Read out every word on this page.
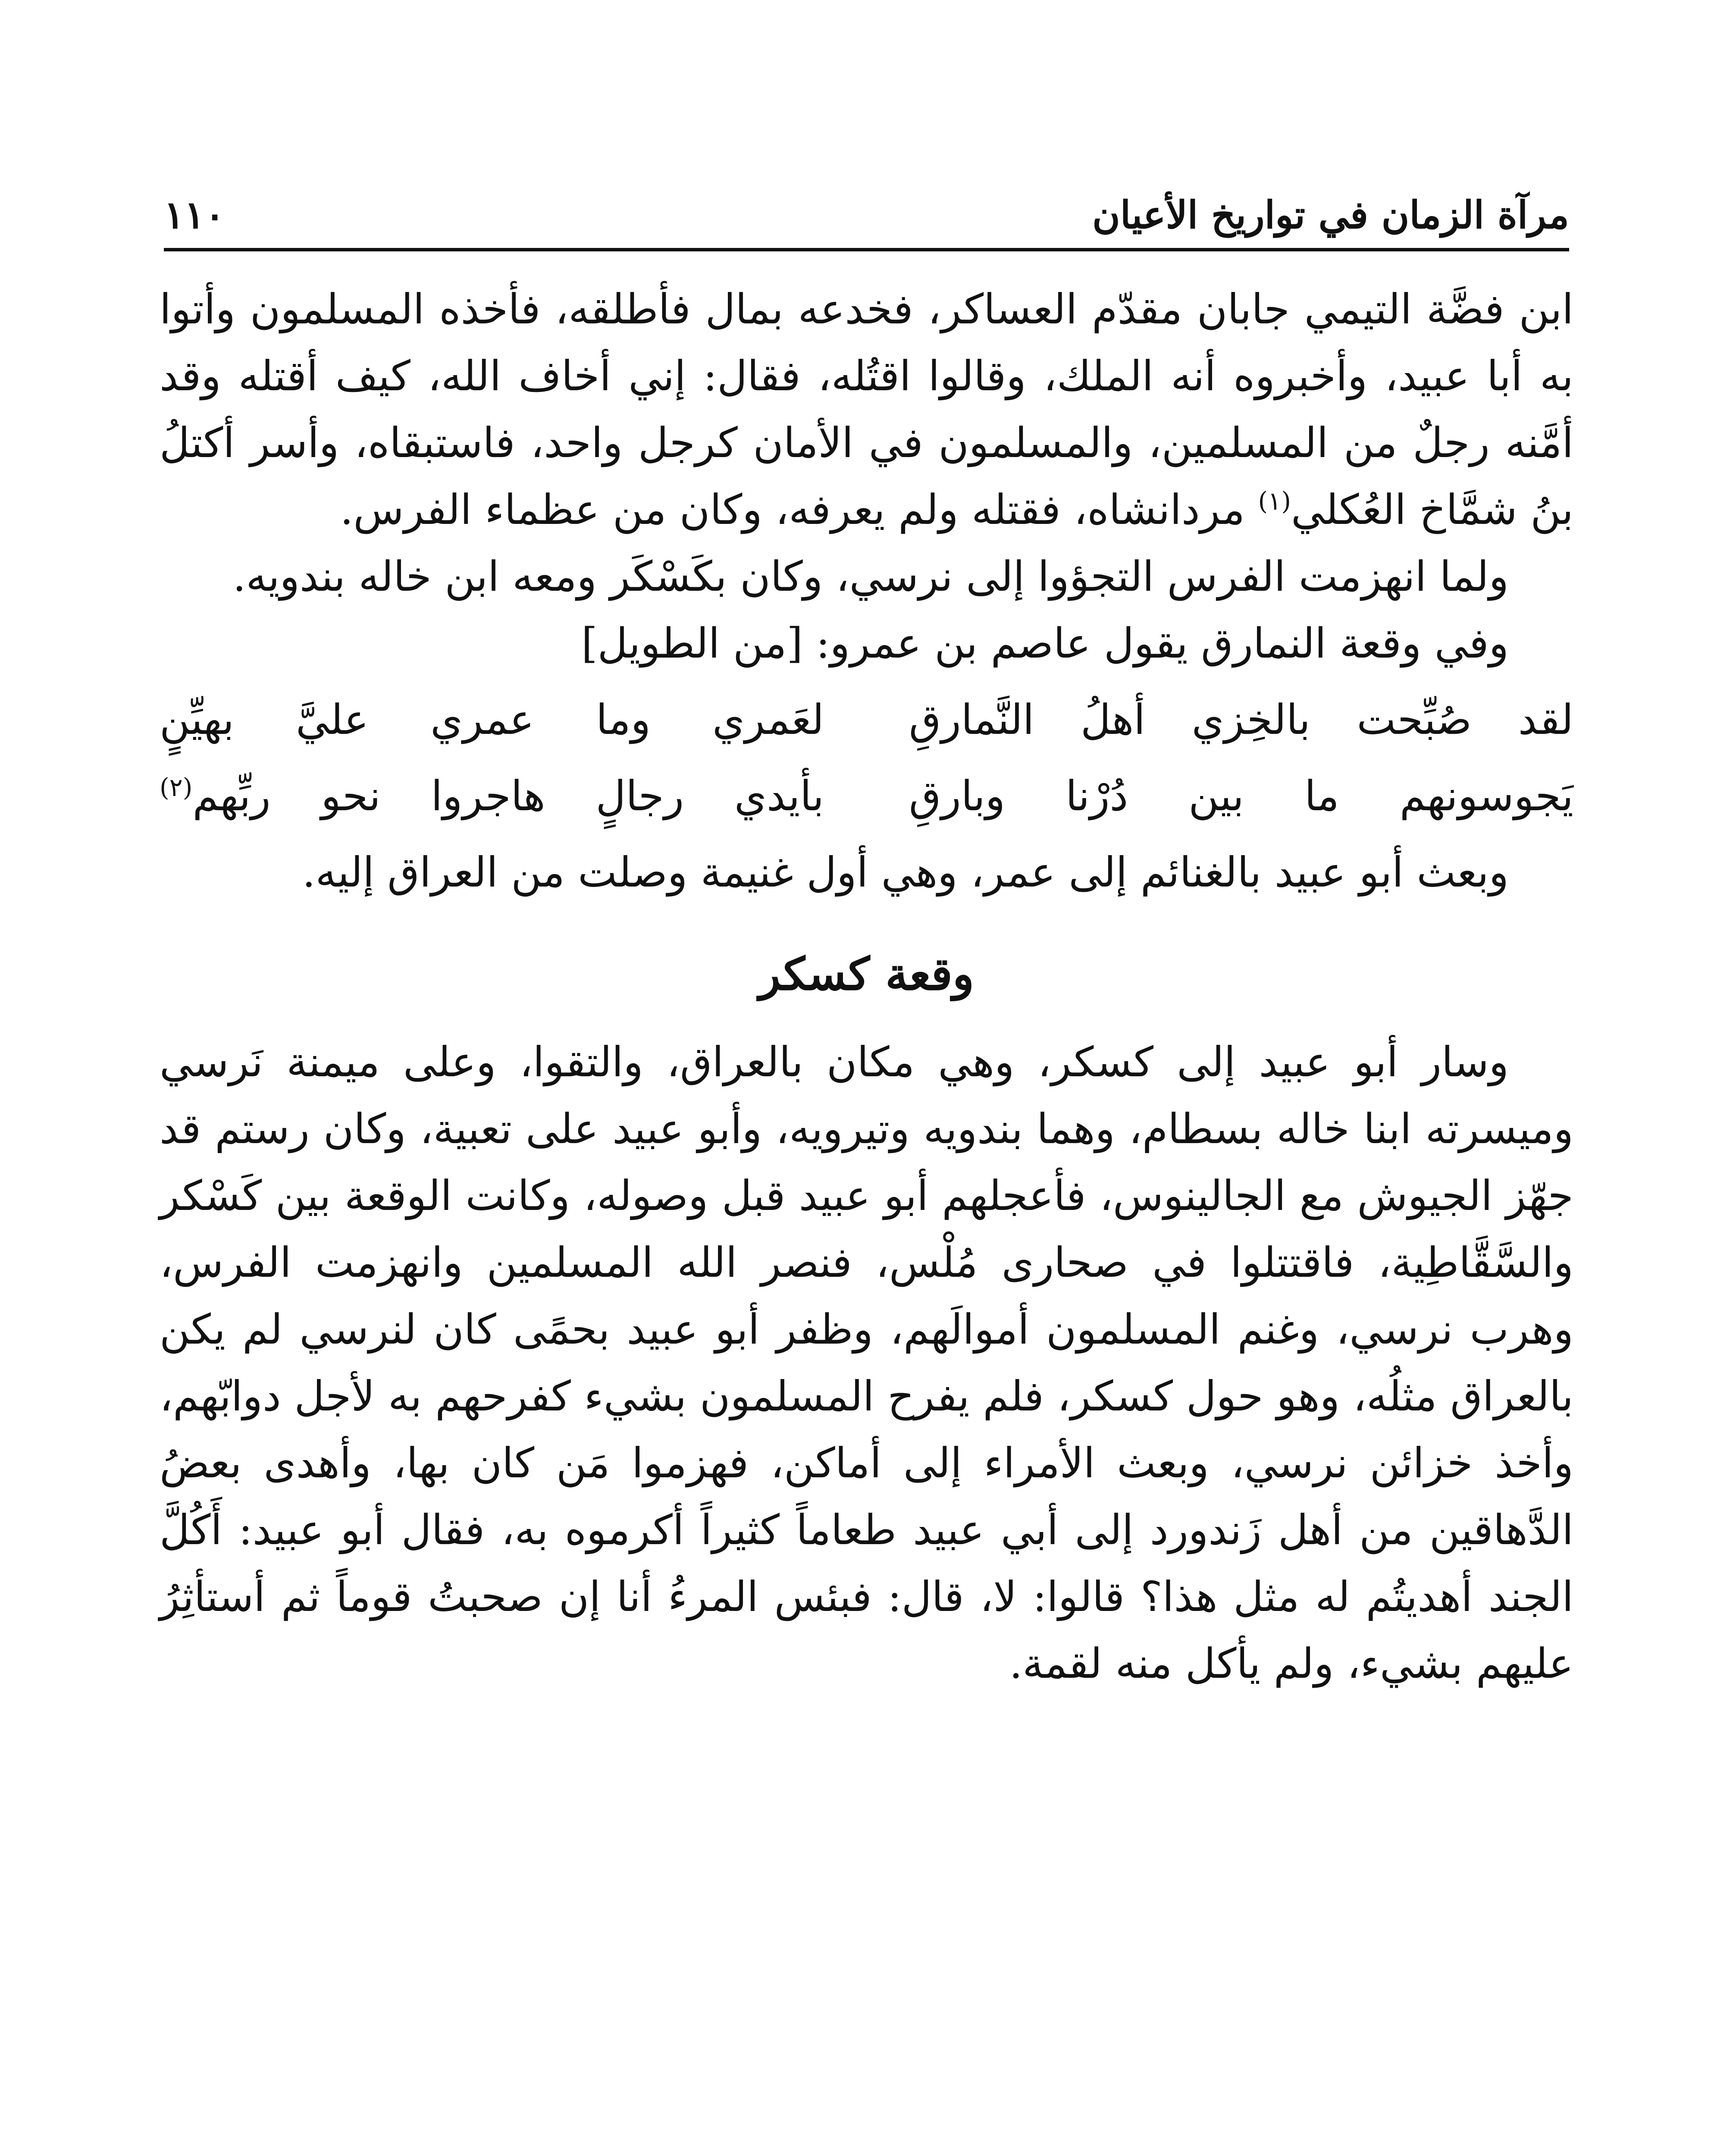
مرآة الزمان في تواريخ الأعيان
١١٠

ابن فضَّة التيمي جابان مقدّم العساكر، فخدعه بمال فأطلقه، فأخذه المسلمون وأتوا به أبا عبيد، وأخبروه أنه الملك، وقالوا اقتُله، فقال: إني أخاف الله، كيف أقتله وقد أمَّنه رجلٌ من المسلمين، والمسلمون في الأمان كرجل واحد، فاستبقاه، وأسر أكتلُ بنُ شمَّاخ العُكلي$^{(١)}$ مردانشاه، فقتله ولم يعرفه، وكان من عظماء الفرس.

ولما انهزمت الفرس التجؤوا إلى نرسي، وكان بكَسْكَر ومعه ابن خاله بندويه.

وفي وقعة النمارق يقول عاصم بن عمرو: [من الطويل]

لقد صُبِّحت بالخِزي أهلُ النَّمارقِ
لعَمري وما عمري عليَّ بهيِّنٍ
يَجوسونهم ما بين دُرْنا وبارقِ
بأيدي رجالٍ هاجروا نحو ربِّهم$^{(٢)}$

وبعث أبو عبيد بالغنائم إلى عمر، وهي أول غنيمة وصلت من العراق إليه.

وقعة كسكر

وسار أبو عبيد إلى كسكر، وهي مكان بالعراق، والتقوا، وعلى ميمنة نَرسي وميسرته ابنا خاله بسطام، وهما بندويه وتيرويه، وأبو عبيد على تعبية، وكان رستم قد جهّز الجيوش مع الجالينوس، فأعجلهم أبو عبيد قبل وصوله، وكانت الوقعة بين كَسْكر والسَّقَّاطِية، فاقتتلوا في صحارى مُلْس، فنصر الله المسلمين وانهزمت الفرس، وهرب نرسي، وغنم المسلمون أموالَهم، وظفر أبو عبيد بحمًى كان لنرسي لم يكن بالعراق مثلُه، وهو حول كسكر، فلم يفرح المسلمون بشيء كفرحهم به لأجل دوابّهم، وأخذ خزائن نرسي، وبعث الأمراء إلى أماكن، فهزموا مَن كان بها، وأهدى بعضُ الدَّهاقين من أهل زَندورد إلى أبي عبيد طعاماً كثيراً أكرموه به، فقال أبو عبيد: أَكُلَّ الجند أهديتُم له مثل هذا؟ قالوا: لا، قال: فبئس المرءُ أنا إن صحبتُ قوماً ثم أستأثِرُ عليهم بشيء، ولم يأكل منه لقمة.
